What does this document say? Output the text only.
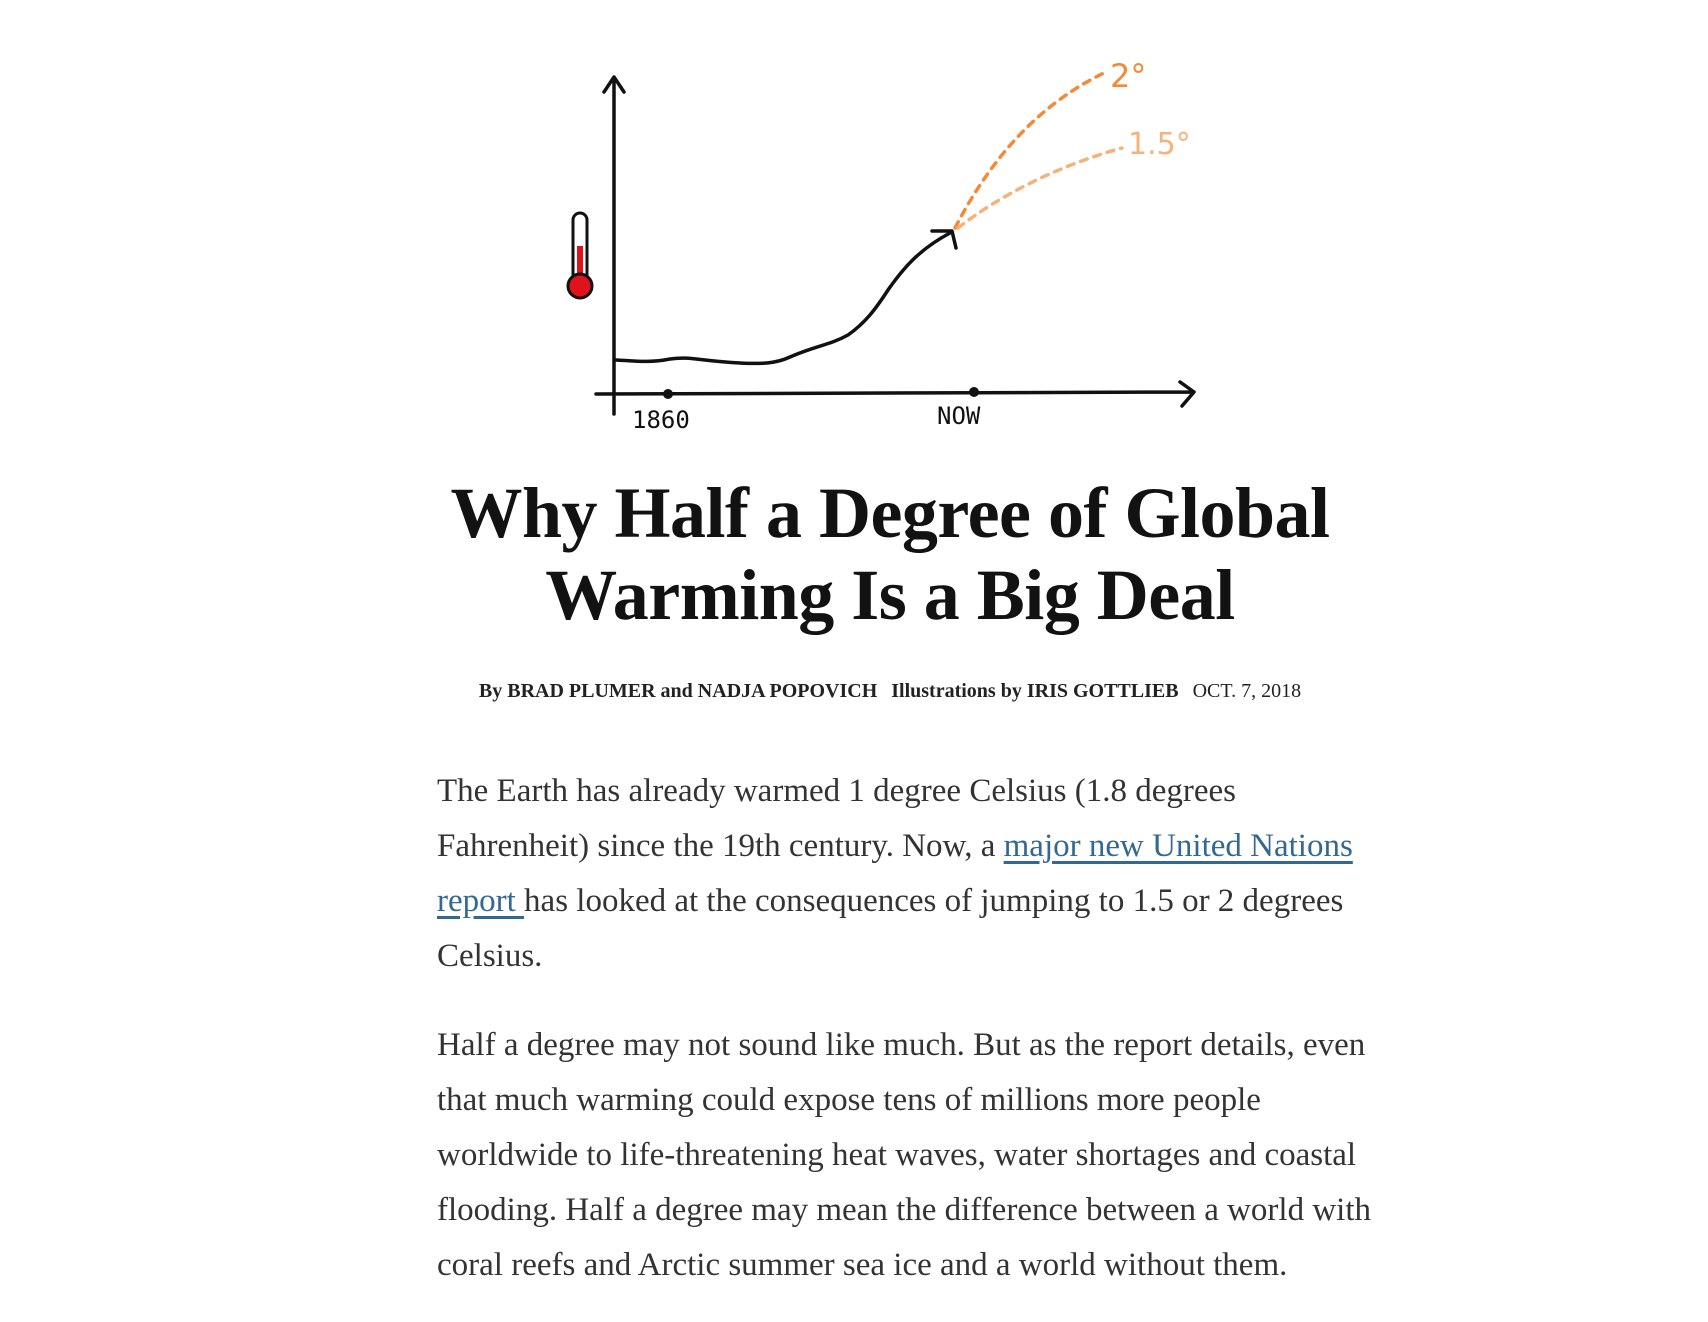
1860	NOW
2°
1.5°
Why Half a Degree of Global Warming Is a Big Deal
By BRAD PLUMER and NADJA POPOVICH Illustrations by IRIS GOTTLIEB OCT. 7, 2018

The Earth has already warmed 1 degree Celsius (1.8 degrees Fahrenheit) since the 19th century. Now, a major new United Nations report has looked at the consequences of jumping to 1.5 or 2 degrees Celsius.

Half a degree may not sound like much. But as the report details, even that much warming could expose tens of millions more people worldwide to life-threatening heat waves, water shortages and coastal flooding. Half a degree may mean the difference between a world with coral reefs and Arctic summer sea ice and a world without them.
